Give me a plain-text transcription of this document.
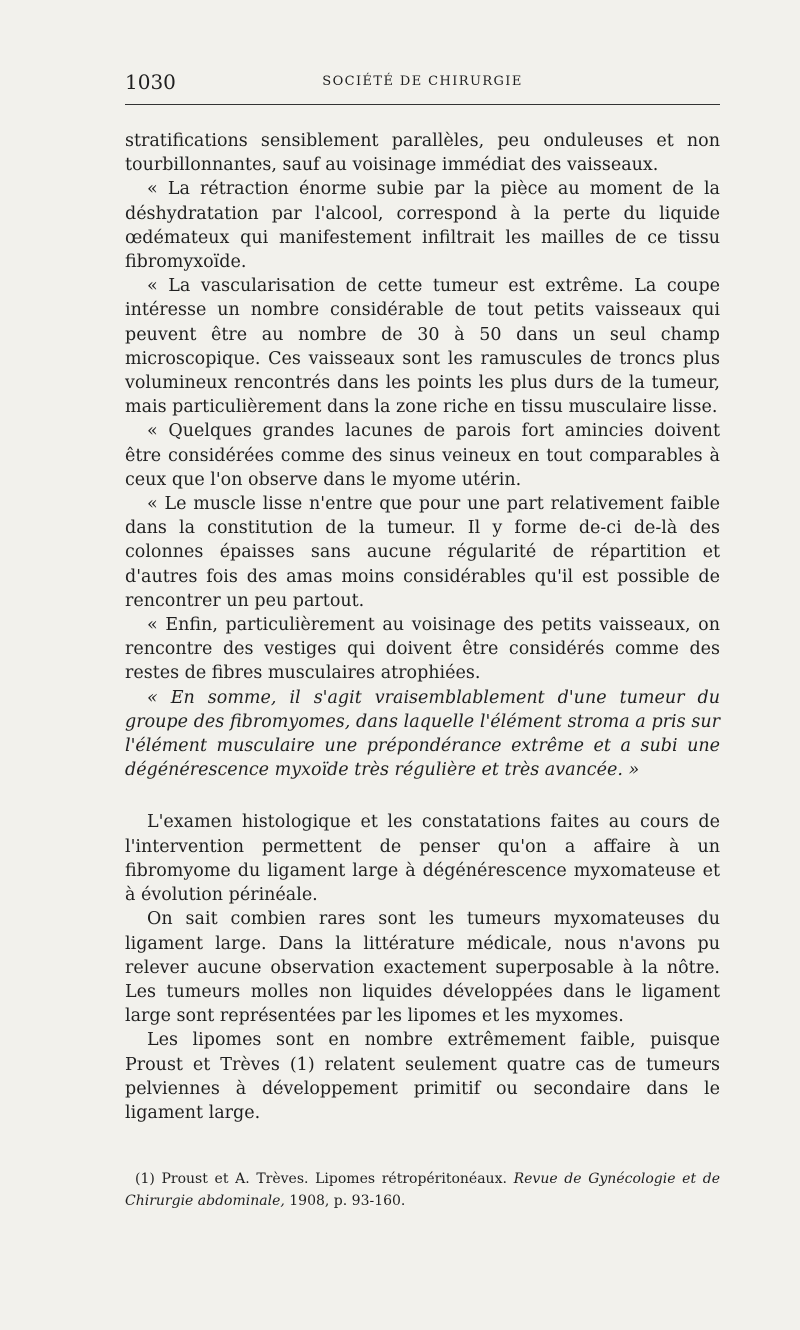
1030	SOCIÉTÉ DE CHIRURGIE

stratifications sensiblement parallèles, peu onduleuses et non tourbillonnantes, sauf au voisinage immédiat des vaisseaux.

« La rétraction énorme subie par la pièce au moment de la déshydratation par l'alcool, correspond à la perte du liquide œdémateux qui manifestement infiltrait les mailles de ce tissu fibromyxoïde.

« La vascularisation de cette tumeur est extrême. La coupe intéresse un nombre considérable de tout petits vaisseaux qui peuvent être au nombre de 30 à 50 dans un seul champ microscopique. Ces vaisseaux sont les ramuscules de troncs plus volumineux rencontrés dans les points les plus durs de la tumeur, mais particulièrement dans la zone riche en tissu musculaire lisse.

« Quelques grandes lacunes de parois fort amincies doivent être considérées comme des sinus veineux en tout comparables à ceux que l'on observe dans le myome utérin.

« Le muscle lisse n'entre que pour une part relativement faible dans la constitution de la tumeur. Il y forme de-ci de-là des colonnes épaisses sans aucune régularité de répartition et d'autres fois des amas moins considérables qu'il est possible de rencontrer un peu partout.

« Enfin, particulièrement au voisinage des petits vaisseaux, on rencontre des vestiges qui doivent être considérés comme des restes de fibres musculaires atrophiées.

« En somme, il s'agit vraisemblablement d'une tumeur du groupe des fibromyomes, dans laquelle l'élément stroma a pris sur l'élément musculaire une prépondérance extrême et a subi une dégénérescence myxoïde très régulière et très avancée. »

L'examen histologique et les constatations faites au cours de l'intervention permettent de penser qu'on a affaire à un fibromyome du ligament large à dégénérescence myxomateuse et à évolution périnéale.

On sait combien rares sont les tumeurs myxomateuses du ligament large. Dans la littérature médicale, nous n'avons pu relever aucune observation exactement superposable à la nôtre. Les tumeurs molles non liquides développées dans le ligament large sont représentées par les lipomes et les myxomes.

Les lipomes sont en nombre extrêmement faible, puisque Proust et Trèves (1) relatent seulement quatre cas de tumeurs pelviennes à développement primitif ou secondaire dans le ligament large.

(1) Proust et A. Trèves. Lipomes rétropéritonéaux. Revue de Gynécologie et de Chirurgie abdominale, 1908, p. 93-160.
